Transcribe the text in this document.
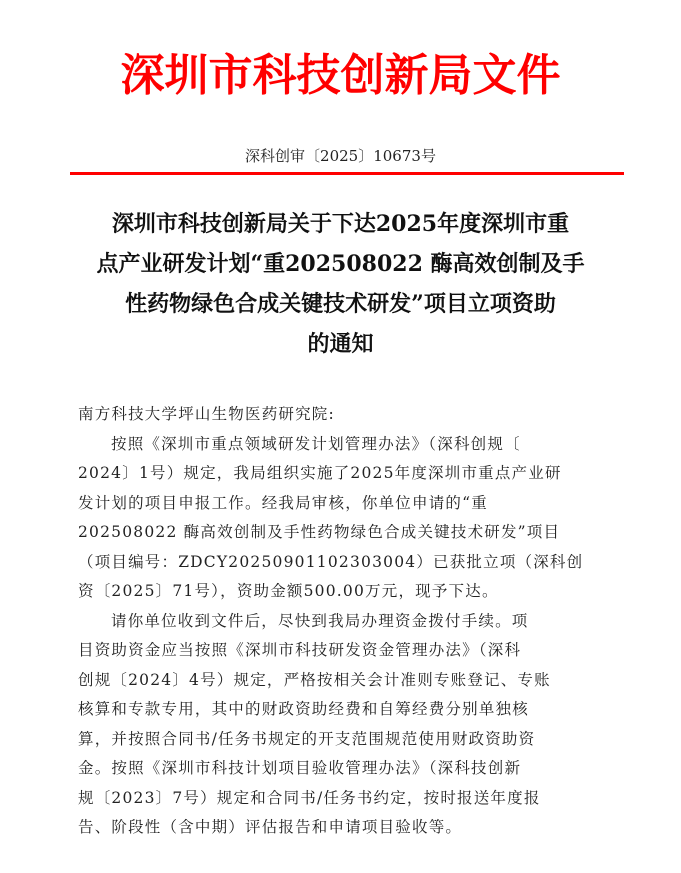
深圳市科技创新局文件
深科创审〔2025〕10673号
深圳市科技创新局关于下达2025年度深圳市重
点产业研发计划“重202508022 酶高效创制及手
性药物绿色合成关键技术研发”项目立项资助
的通知
南方科技大学坪山生物医药研究院:
按照《深圳市重点领域研发计划管理办法》（深科创规〔
2024〕1号）规定，我局组织实施了2025年度深圳市重点产业研
发计划的项目申报工作。经我局审核，你单位申请的“重
202508022 酶高效创制及手性药物绿色合成关键技术研发”项目
（项目编号：ZDCY20250901102303004）已获批立项（深科创
资〔2025〕71号），资助金额500.00万元，现予下达。
请你单位收到文件后，尽快到我局办理资金拨付手续。项
目资助资金应当按照《深圳市科技研发资金管理办法》（深科
创规〔2024〕4号）规定，严格按相关会计准则专账登记、专账
核算和专款专用，其中的财政资助经费和自筹经费分别单独核
算，并按照合同书/任务书规定的开支范围规范使用财政资助资
金。按照《深圳市科技计划项目验收管理办法》（深科技创新
规〔2023〕7号）规定和合同书/任务书约定，按时报送年度报
告、阶段性（含中期）评估报告和申请项目验收等。
